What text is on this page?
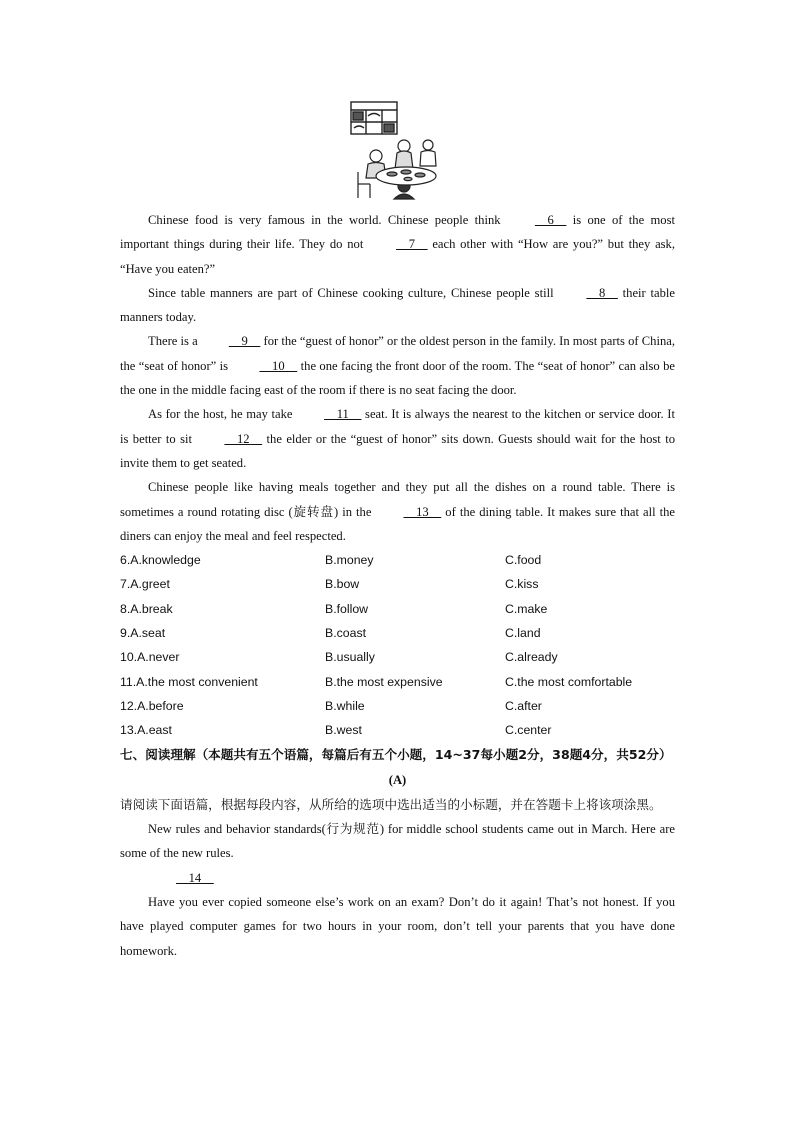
Chinese food is very famous in the world. Chinese people think     6     is one of the most important things during their life. They do not     7     each other with “How are you?” but they ask, “Have you eaten?”

Since table manners are part of Chinese cooking culture, Chinese people still     8     their table manners today.

There is a     9     for the “guest of honor” or the oldest person in the family. In most parts of China, the “seat of honor” is     10     the one facing the front door of the room. The “seat of honor” can also be the one in the middle facing east of the room if there is no seat facing the door.

As for the host, he may take     11     seat. It is always the nearest to the kitchen or service door. It is better to sit     12     the elder or the “guest of honor” sits down. Guests should wait for the host to invite them to get seated.

Chinese people like having meals together and they put all the dishes on a round table. There is sometimes a round rotating disc (旋转盘) in the     13     of the dining table. It makes sure that all the diners can enjoy the meal and feel respected.

6.A.knowledge	B.money	C.food
7.A.greet	B.bow	C.kiss
8.A.break	B.follow	C.make
9.A.seat	B.coast	C.land
10.A.never	B.usually	C.already
11.A.the most convenient	B.the most expensive	C.the most comfortable
12.A.before	B.while	C.after
13.A.east	B.west	C.center

七、阅读理解（本题共有五个语篇，每篇后有五个小题，14~37每小题2分，38题4分，共52分）

(A)

请阅读下面语篇，根据每段内容，从所给的选项中选出适当的小标题，并在答题卡上将该项涂黑。

New rules and behavior standards(行为规范) for middle school students came out in March. Here are some of the new rules.

14

Have you ever copied someone else’s work on an exam? Don’t do it again! That’s not honest. If you have played computer games for two hours in your room, don’t tell your parents that you have done homework.
